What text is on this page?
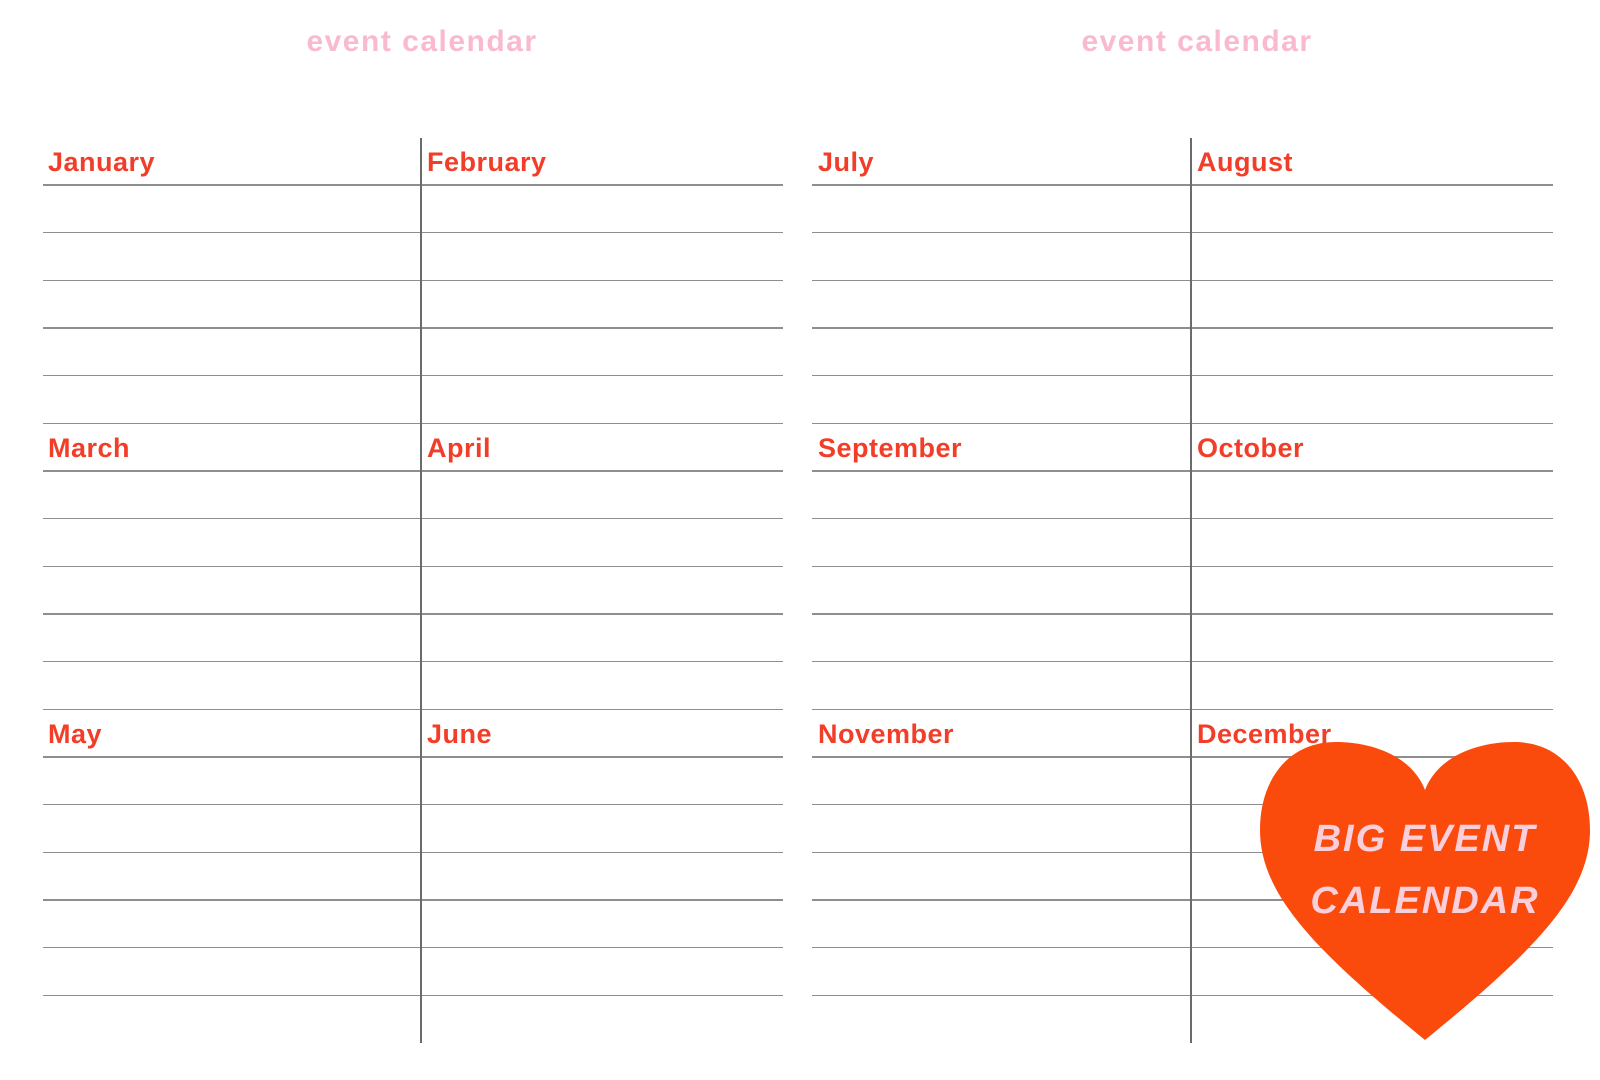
event calendar	event calendar
January	February
March	April
May	June
July	August
September	October
November	December
BIG EVENT
CALENDAR
